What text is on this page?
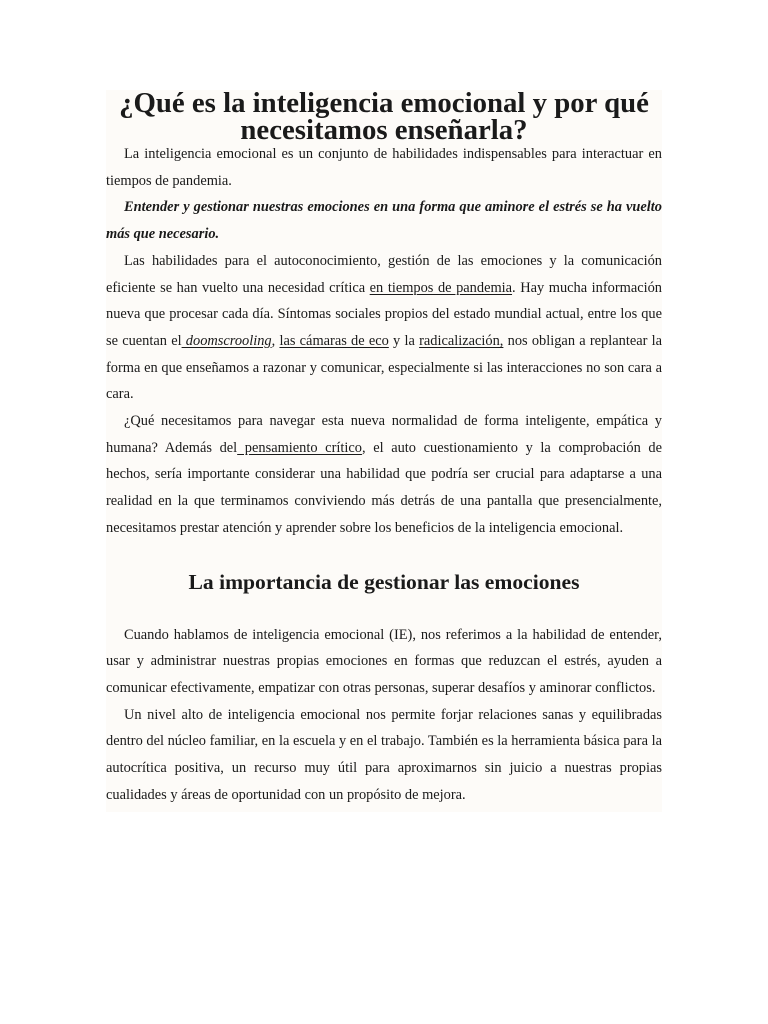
¿Qué es la inteligencia emocional y por qué necesitamos enseñarla?

La inteligencia emocional es un conjunto de habilidades indispensables para interactuar en tiempos de pandemia.

Entender y gestionar nuestras emociones en una forma que aminore el estrés se ha vuelto más que necesario.

Las habilidades para el autoconocimiento, gestión de las emociones y la comunicación eficiente se han vuelto una necesidad crítica en tiempos de pandemia. Hay mucha información nueva que procesar cada día. Síntomas sociales propios del estado mundial actual, entre los que se cuentan el doomscrooling, las cámaras de eco y la radicalización, nos obligan a replantear la forma en que enseñamos a razonar y comunicar, especialmente si las interacciones no son cara a cara.

¿Qué necesitamos para navegar esta nueva normalidad de forma inteligente, empática y humana? Además del pensamiento crítico, el auto cuestionamiento y la comprobación de hechos, sería importante considerar una habilidad que podría ser crucial para adaptarse a una realidad en la que terminamos conviviendo más detrás de una pantalla que presencialmente, necesitamos prestar atención y aprender sobre los beneficios de la inteligencia emocional.

La importancia de gestionar las emociones

Cuando hablamos de inteligencia emocional (IE), nos referimos a la habilidad de entender, usar y administrar nuestras propias emociones en formas que reduzcan el estrés, ayuden a comunicar efectivamente, empatizar con otras personas, superar desafíos y aminorar conflictos.

Un nivel alto de inteligencia emocional nos permite forjar relaciones sanas y equilibradas dentro del núcleo familiar, en la escuela y en el trabajo. También es la herramienta básica para la autocrítica positiva, un recurso muy útil para aproximarnos sin juicio a nuestras propias cualidades y áreas de oportunidad con un propósito de mejora.
